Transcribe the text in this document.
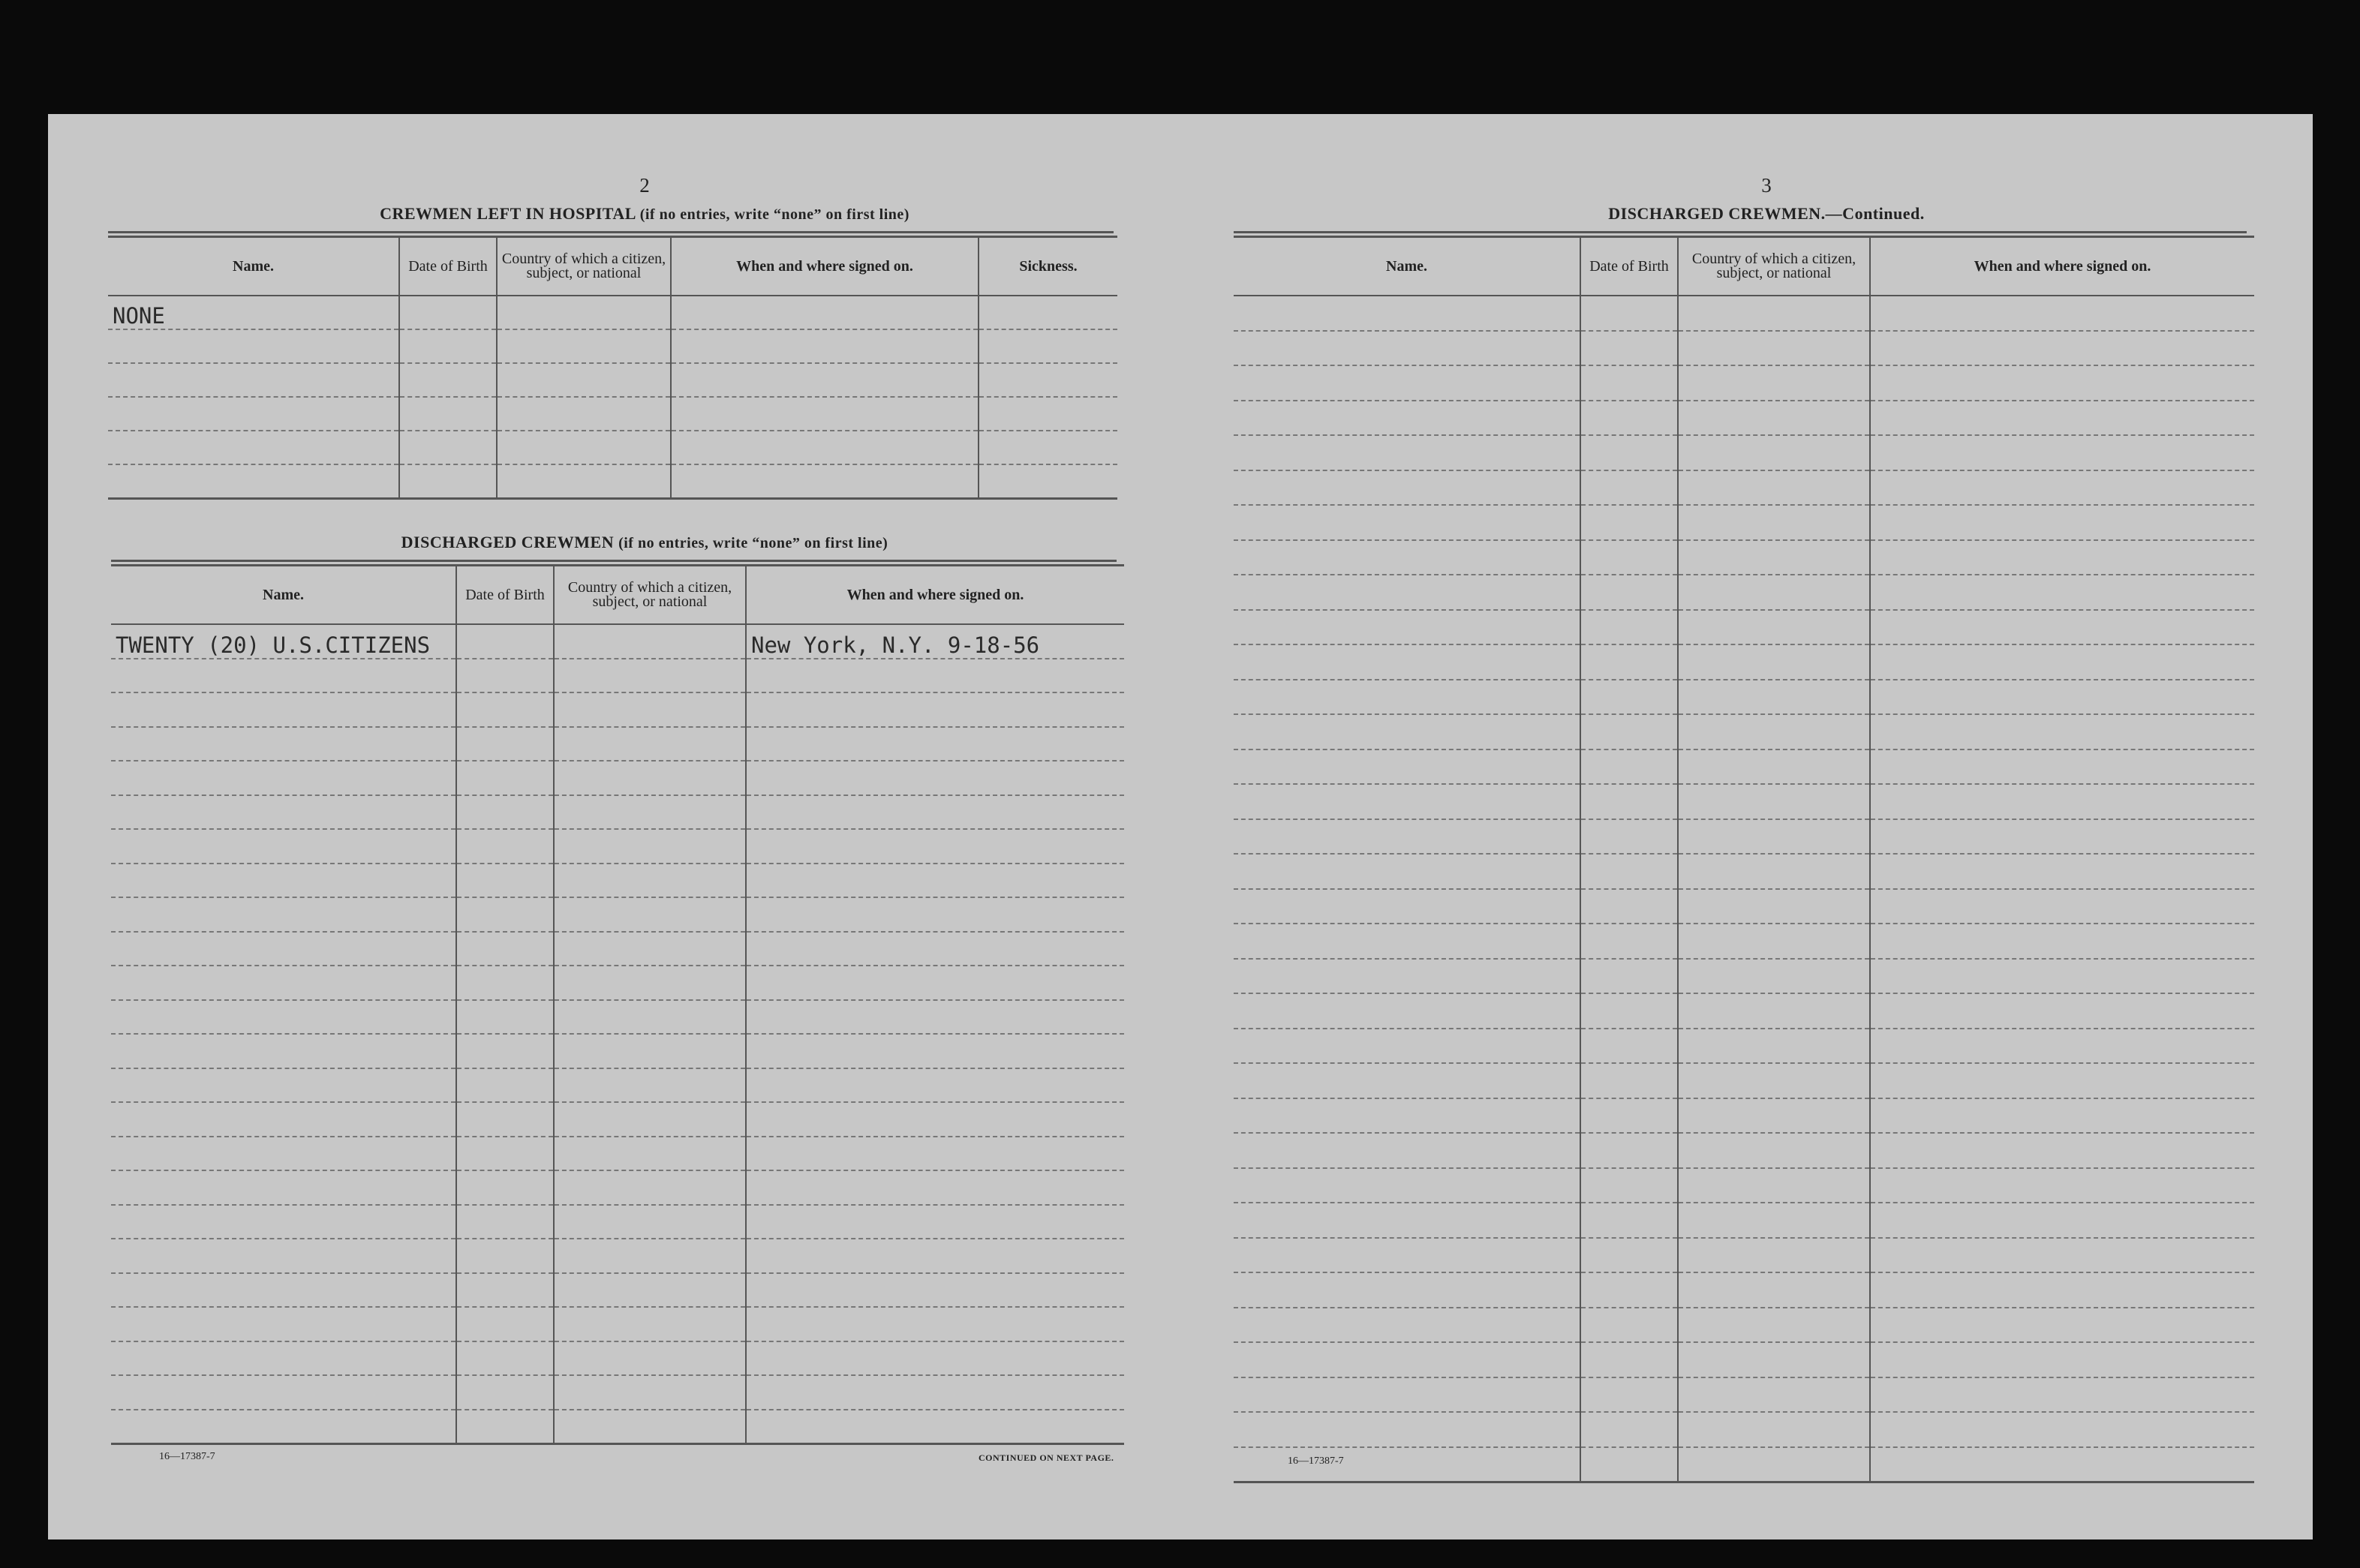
2
CREWMEN LEFT IN HOSPITAL (if no entries, write “none” on first line)
Name.	Date of Birth	Country of which a citizen, subject, or national	When and where signed on.	Sickness.
NONE				

DISCHARGED CREWMEN (if no entries, write “none” on first line)
Name.	Date of Birth	Country of which a citizen, subject, or national	When and where signed on.
TWENTY (20) U.S.CITIZENS			New York, N.Y. 9-18-56

16—17387-7	CONTINUED ON NEXT PAGE.
3
DISCHARGED CREWMEN.—Continued.
Name.	Date of Birth	Country of which a citizen, subject, or national	When and where signed on.

16—17387-7
